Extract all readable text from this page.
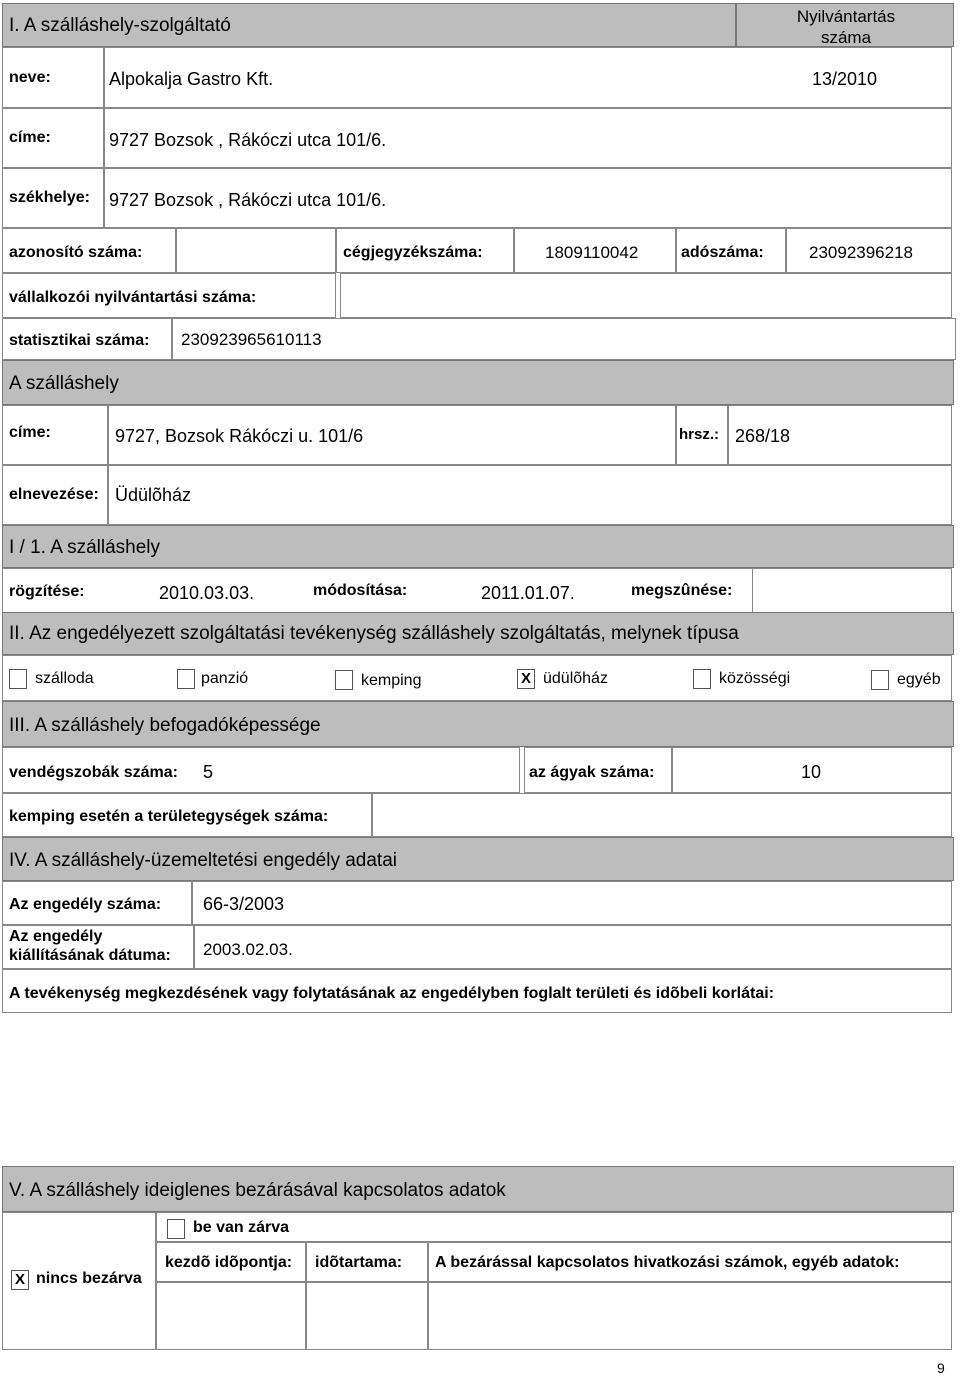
I. A szálláshely-szolgáltató	Nyilvántartás
száma
neve:	Alpokalja Gastro Kft.	13/2010
címe:	9727 Bozsok , Rákóczi utca 101/6.
székhelye: 9727 Bozsok , Rákóczi utca 101/6.
azonosító száma:	cégjegyzékszáma:	1809110042	adószáma:	23092396218
vállalkozói nyilvántartási száma:
statisztikai száma: 230923965610113
A szálláshely
címe:	9727, Bozsok Rákóczi u. 101/6	hrsz.: 268/18
elnevezése: Üdülõház
I / 1. A szálláshely
rögzítése:	2010.03.03.	módosítása:	2011.01.07.	megszûnése:
II. Az engedélyezett szolgáltatási tevékenység szálláshely szolgáltatás, melynek típusa
szálloda	panzió	kemping	X üdülõház	közösségi	egyéb
III. A szálláshely befogadóképessége
vendégszobák száma: 5	az ágyak száma:	10
kemping esetén a területegységek száma:
IV. A szálláshely-üzemeltetési engedély adatai
Az engedély száma: 66-3/2003
Az engedély
kiállításának dátuma: 2003.02.03.
A tevékenység megkezdésének vagy folytatásának az engedélyben foglalt területi és idõbeli korlátai:
V. A szálláshely ideiglenes bezárásával kapcsolatos adatok
X nincs bezárva
be van zárva
kezdõ idõpontja: idõtartama: A bezárással kapcsolatos hivatkozási számok, egyéb adatok:
9
